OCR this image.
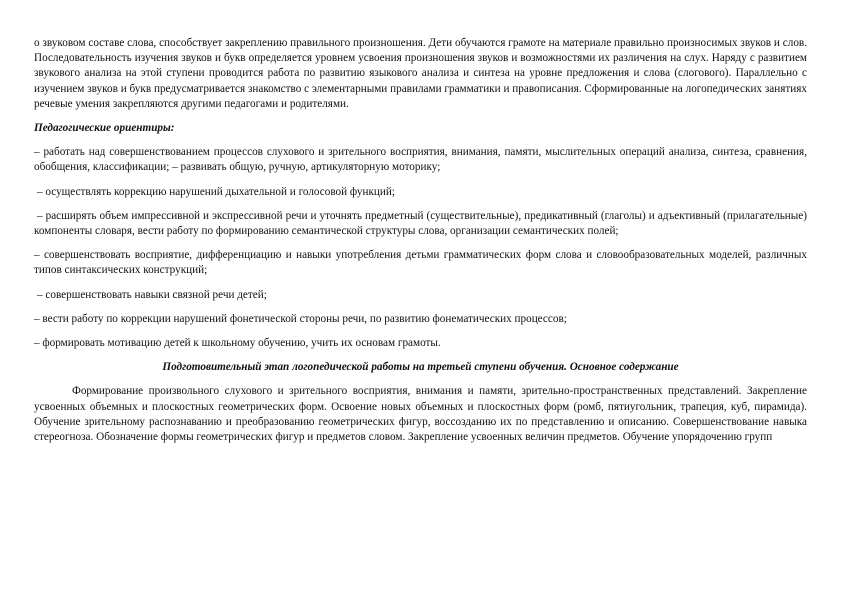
о звуковом составе слова, способствует закреплению правильного произношения. Дети обучаются грамоте на материале правильно произносимых звуков и слов. Последовательность изучения звуков и букв определяется уровнем усвоения произношения звуков и возможностями их различения на слух. Наряду с развитием звукового анализа на этой ступени проводится работа по развитию языкового анализа и синтеза на уровне предложения и слова (слогового). Параллельно с изучением звуков и букв предусматривается знакомство с элементарными правилами грамматики и правописания. Сформированные на логопедических занятиях речевые умения закрепляются другими педагогами и родителями.

Педагогические ориентиры:

– работать над совершенствованием процессов слухового и зрительного восприятия, внимания, памяти, мыслительных операций анализа, синтеза, сравнения, обобщения, классификации; – развивать общую, ручную, артикуляторную моторику;

– осуществлять коррекцию нарушений дыхательной и голосовой функций;

– расширять объем импрессивной и экспрессивной речи и уточнять предметный (существительные), предикативный (глаголы) и адъективный (прилагательные) компоненты словаря, вести работу по формированию семантической структуры слова, организации семантических полей;

– совершенствовать восприятие, дифференциацию и навыки употребления детьми грамматических форм слова и словообразовательных моделей, различных типов синтаксических конструкций;

– совершенствовать навыки связной речи детей;

– вести работу по коррекции нарушений фонетической стороны речи, по развитию фонематических процессов;

– формировать мотивацию детей к школьному обучению, учить их основам грамоты.

Подготовительный этап логопедической работы на третьей ступени обучения. Основное содержание

Формирование произвольного слухового и зрительного восприятия, внимания и памяти, зрительно-пространственных представлений. Закрепление усвоенных объемных и плоскостных геометрических форм. Освоение новых объемных и плоскостных форм (ромб, пятиугольник, трапеция, куб, пирамида). Обучение зрительному распознаванию и преобразованию геометрических фигур, воссозданию их по представлению и описанию. Совершенствование навыка стереогноза. Обозначение формы геометрических фигур и предметов словом. Закрепление усвоенных величин предметов. Обучение упорядочению групп
